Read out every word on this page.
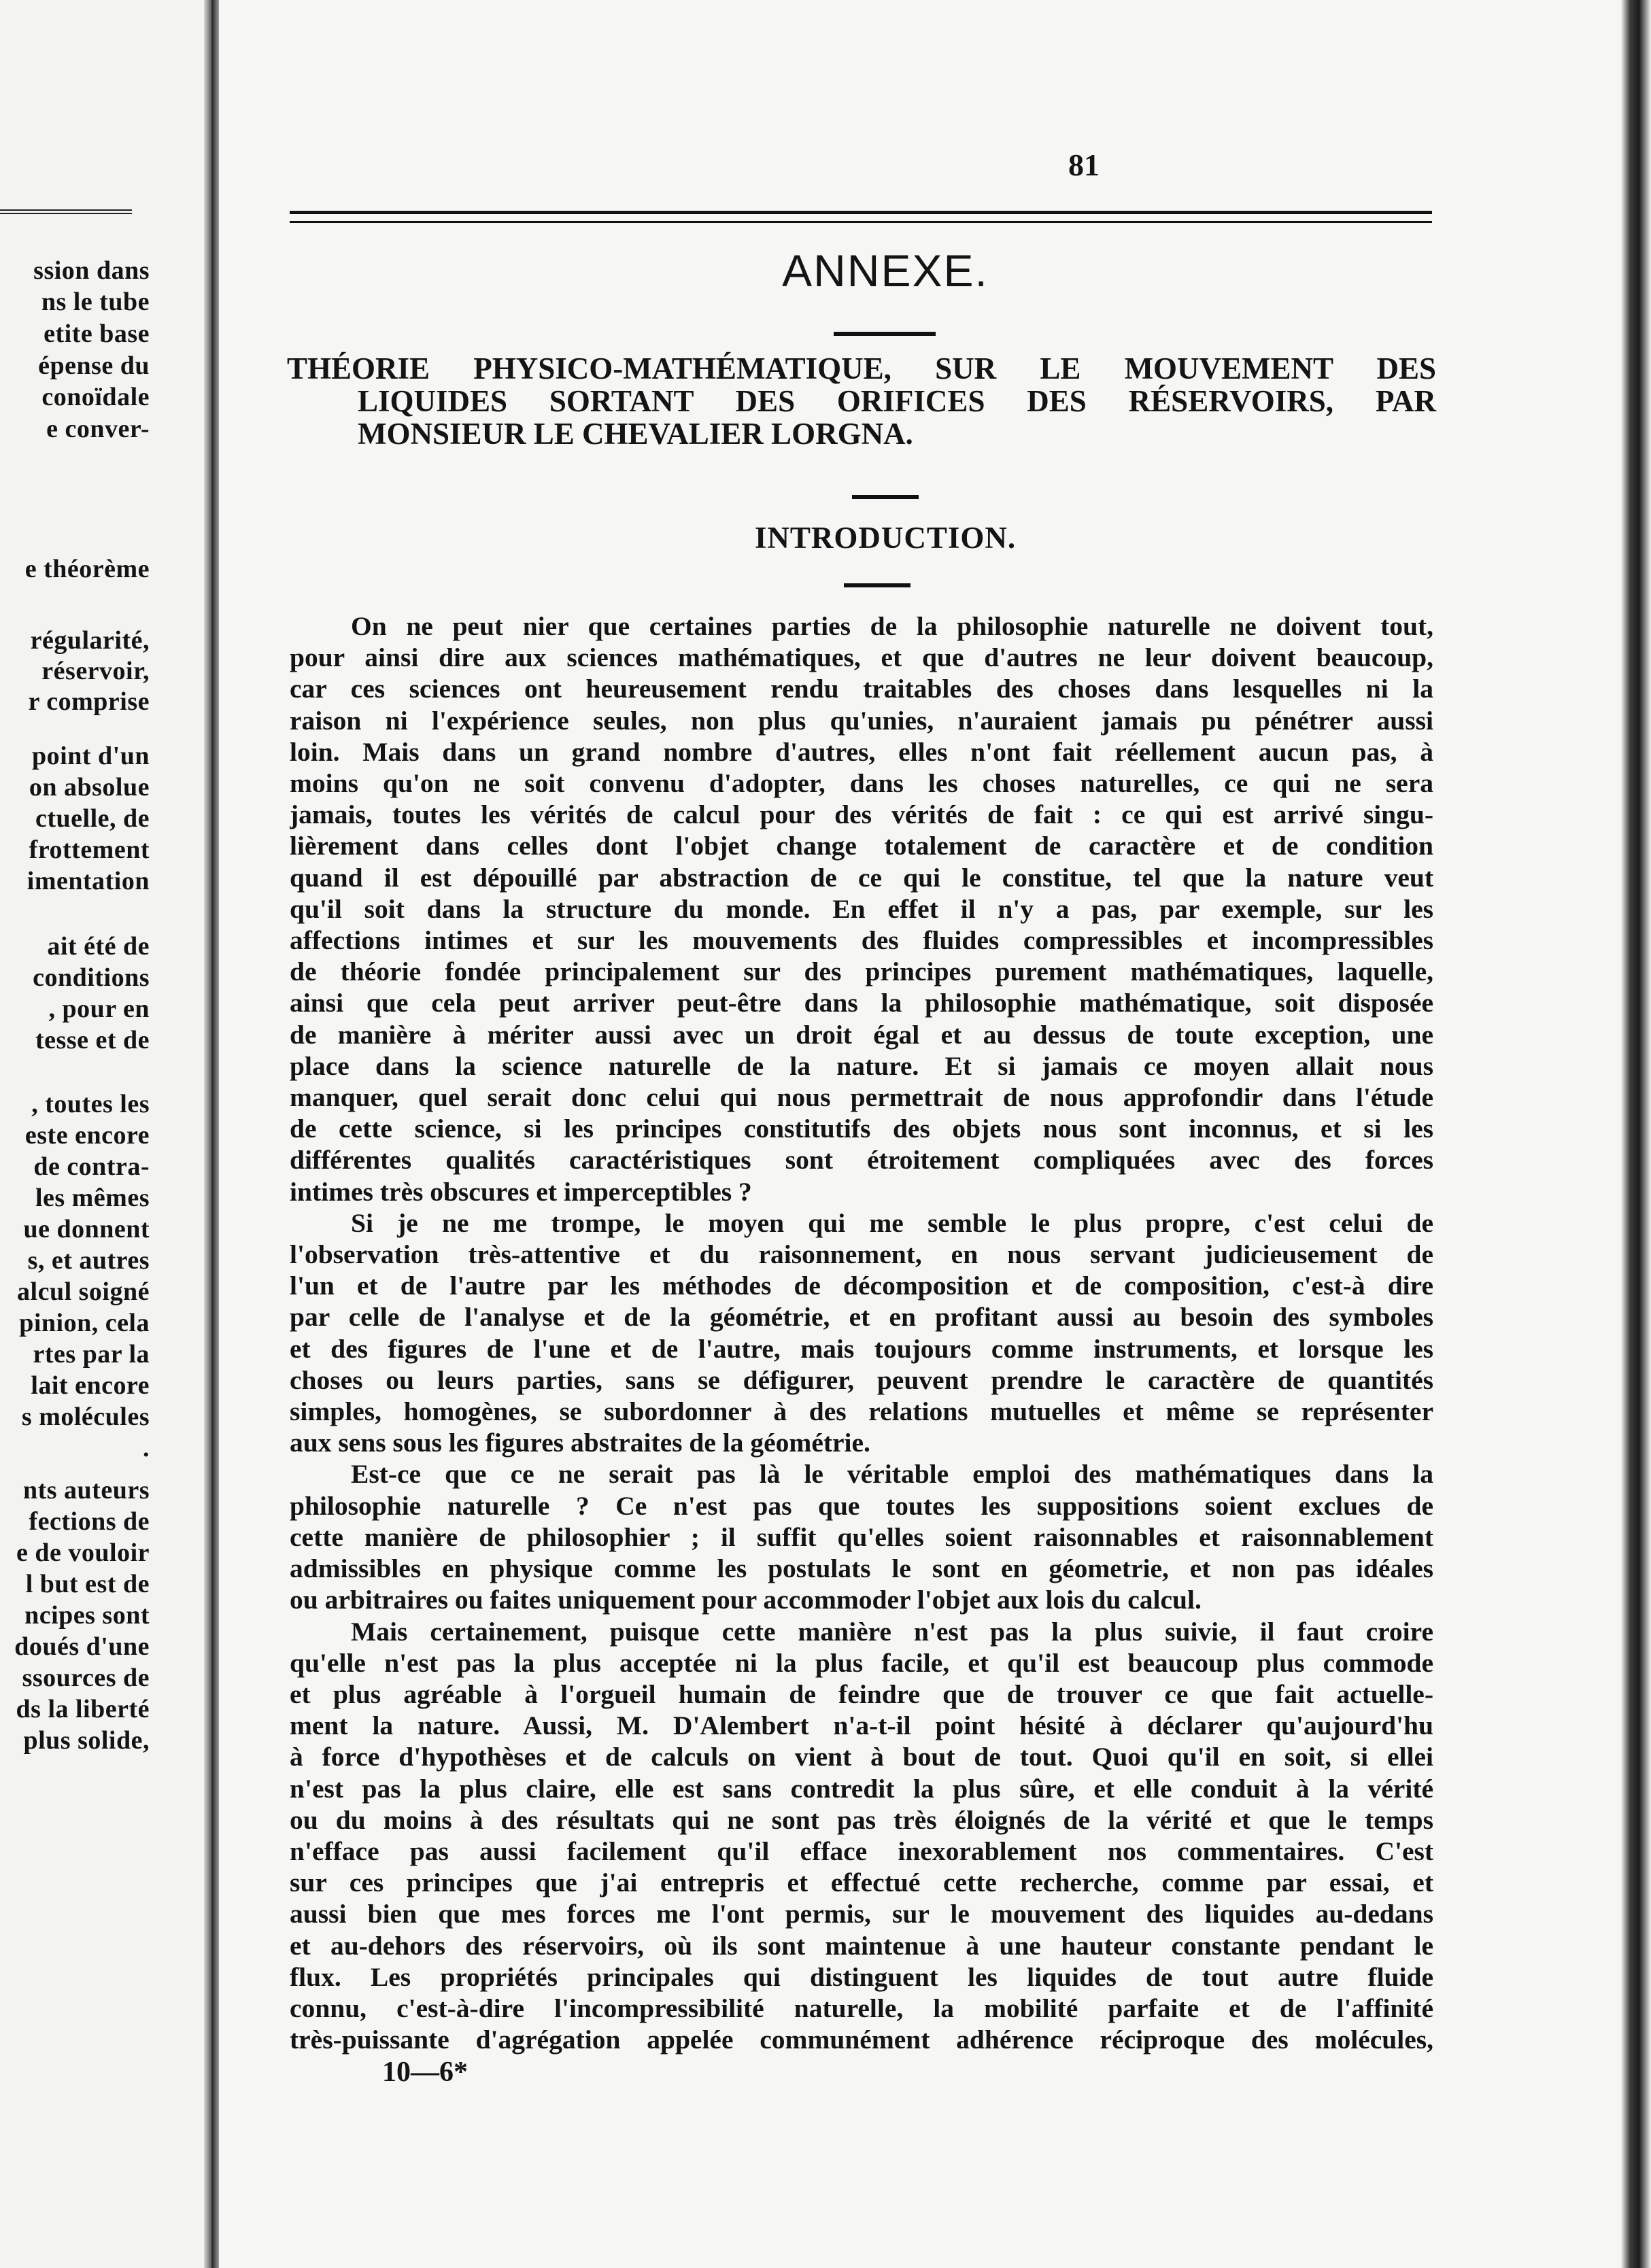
ssion dans
ns le tube
etite base
épense du
conoïdale
e conver-
e théorème
régularité,
réservoir,
r comprise
point d'un
on absolue
ctuelle, de
frottement
imentation
ait été de
conditions
, pour en
tesse et de
, toutes les
este encore
de contra-
les mêmes
ue donnent
s, et autres
alcul soigné
pinion, cela
rtes par la
lait encore
s molécules
.
nts auteurs
fections de
e de vouloir
l but est de
ncipes sont
doués d'une
ssources de
ds la liberté
plus solide,
81
ANNEXE.
THÉORIE PHYSICO-MATHÉMATIQUE, SUR LE MOUVEMENT DES
LIQUIDES SORTANT DES ORIFICES DES RÉSERVOIRS, PAR
MONSIEUR LE CHEVALIER LORGNA.
INTRODUCTION.
On ne peut nier que certaines parties de la philosophie naturelle ne doivent tout,
pour ainsi dire aux sciences mathématiques, et que d'autres ne leur doivent beaucoup,
car ces sciences ont heureusement rendu traitables des choses dans lesquelles ni la
raison ni l'expérience seules, non plus qu'unies, n'auraient jamais pu pénétrer aussi
loin. Mais dans un grand nombre d'autres, elles n'ont fait réellement aucun pas, à
moins qu'on ne soit convenu d'adopter, dans les choses naturelles, ce qui ne sera
jamais, toutes les vérités de calcul pour des vérités de fait : ce qui est arrivé singu-
lièrement dans celles dont l'objet change totalement de caractère et de condition
quand il est dépouillé par abstraction de ce qui le constitue, tel que la nature veut
qu'il soit dans la structure du monde. En effet il n'y a pas, par exemple, sur les
affections intimes et sur les mouvements des fluides compressibles et incompressibles
de théorie fondée principalement sur des principes purement mathématiques, laquelle,
ainsi que cela peut arriver peut-être dans la philosophie mathématique, soit disposée
de manière à mériter aussi avec un droit égal et au dessus de toute exception, une
place dans la science naturelle de la nature. Et si jamais ce moyen allait nous
manquer, quel serait donc celui qui nous permettrait de nous approfondir dans l'étude
de cette science, si les principes constitutifs des objets nous sont inconnus, et si les
différentes qualités caractéristiques sont étroitement compliquées avec des forces
intimes très obscures et imperceptibles ?
Si je ne me trompe, le moyen qui me semble le plus propre, c'est celui de
l'observation très-attentive et du raisonnement, en nous servant judicieusement de
l'un et de l'autre par les méthodes de décomposition et de composition, c'est-à dire
par celle de l'analyse et de la géométrie, et en profitant aussi au besoin des symboles
et des figures de l'une et de l'autre, mais toujours comme instruments, et lorsque les
choses ou leurs parties, sans se défigurer, peuvent prendre le caractère de quantités
simples, homogènes, se subordonner à des relations mutuelles et même se représenter
aux sens sous les figures abstraites de la géométrie.
Est-ce que ce ne serait pas là le véritable emploi des mathématiques dans la
philosophie naturelle ? Ce n'est pas que toutes les suppositions soient exclues de
cette manière de philosophier ; il suffit qu'elles soient raisonnables et raisonnablement
admissibles en physique comme les postulats le sont en géometrie, et non pas idéales
ou arbitraires ou faites uniquement pour accommoder l'objet aux lois du calcul.
Mais certainement, puisque cette manière n'est pas la plus suivie, il faut croire
qu'elle n'est pas la plus acceptée ni la plus facile, et qu'il est beaucoup plus commode
et plus agréable à l'orgueil humain de feindre que de trouver ce que fait actuelle-
ment la nature. Aussi, M. D'Alembert n'a-t-il point hésité à déclarer qu'aujourd'hu
à force d'hypothèses et de calculs on vient à bout de tout. Quoi qu'il en soit, si ellei
n'est pas la plus claire, elle est sans contredit la plus sûre, et elle conduit à la vérité
ou du moins à des résultats qui ne sont pas très éloignés de la vérité et que le temps
n'efface pas aussi facilement qu'il efface inexorablement nos commentaires. C'est
sur ces principes que j'ai entrepris et effectué cette recherche, comme par essai, et
aussi bien que mes forces me l'ont permis, sur le mouvement des liquides au-dedans
et au-dehors des réservoirs, où ils sont maintenue à une hauteur constante pendant le
flux. Les propriétés principales qui distinguent les liquides de tout autre fluide
connu, c'est-à-dire l'incompressibilité naturelle, la mobilité parfaite et de l'affinité
très-puissante d'agrégation appelée communément adhérence réciproque des molécules,
10—6*
